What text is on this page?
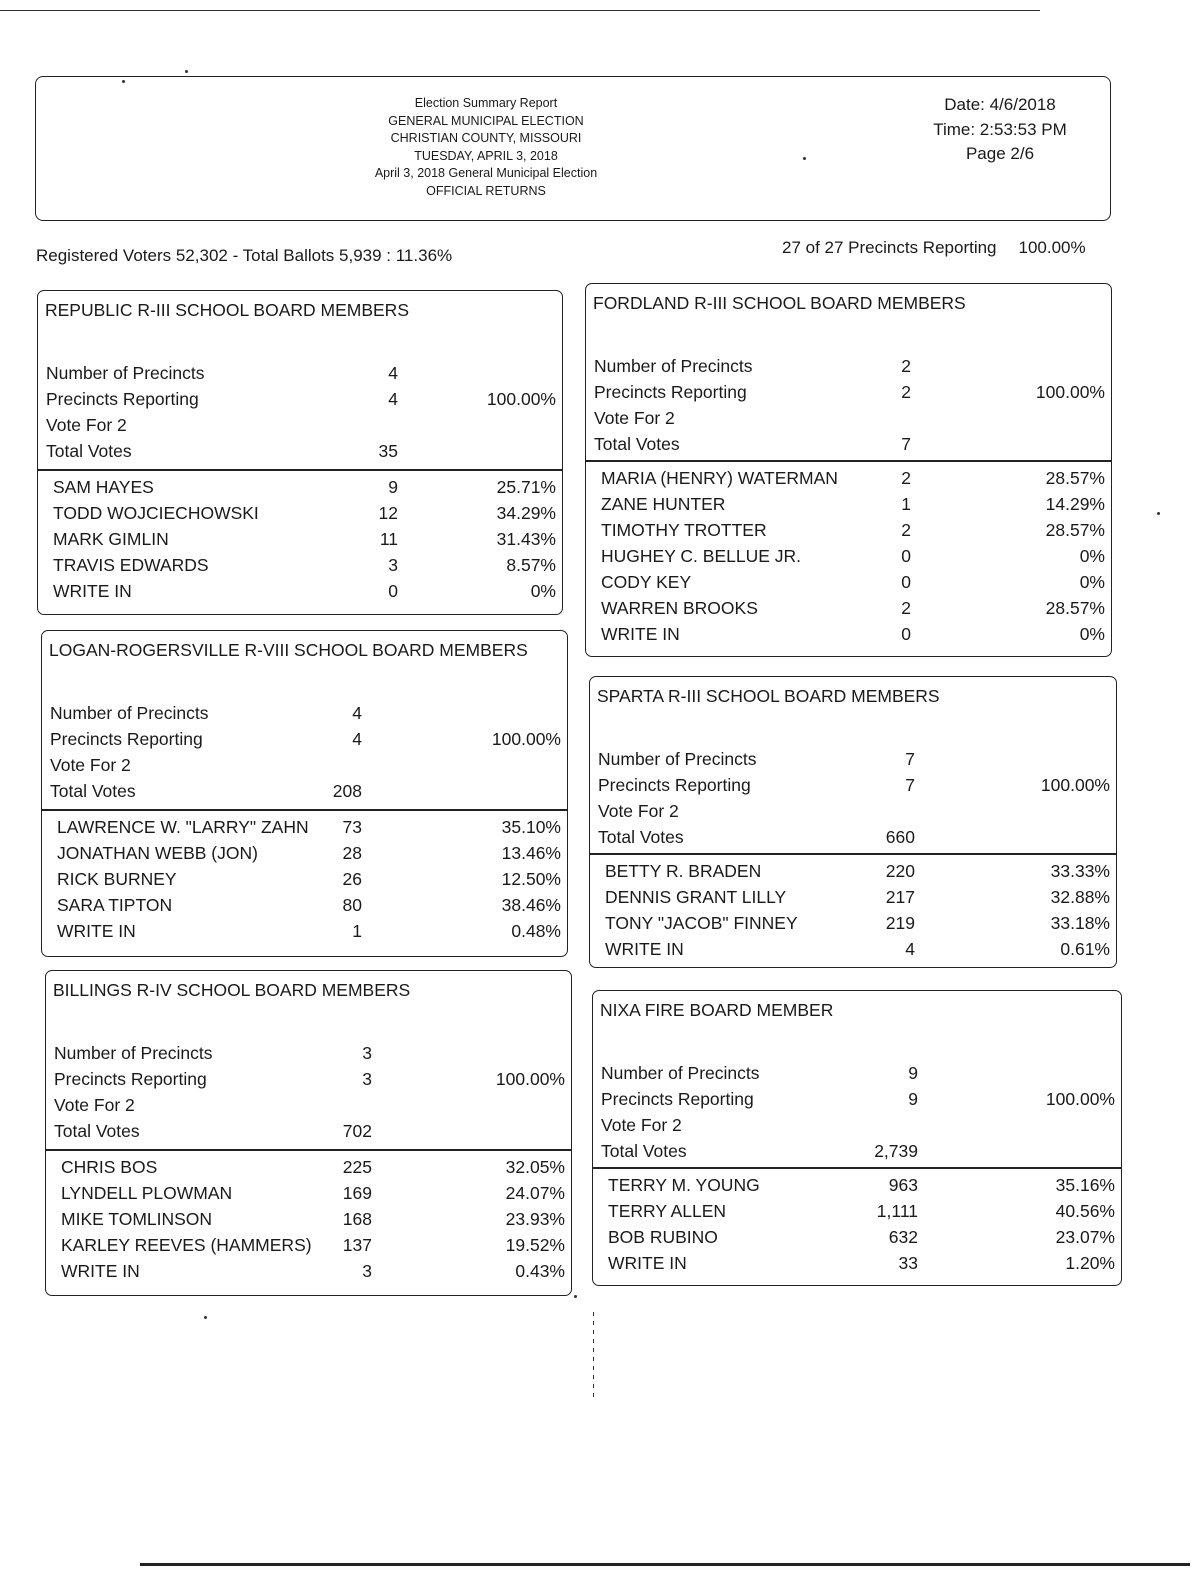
Election Summary Report
GENERAL MUNICIPAL ELECTION
CHRISTIAN COUNTY, MISSOURI
TUESDAY, APRIL 3, 2018
April 3, 2018 General Municipal Election
OFFICIAL RETURNS
Date: 4/6/2018
Time: 2:53:53 PM
Page 2/6
Registered Voters 52,302 - Total Ballots 5,939 : 11.36%	27 of 27 Precincts Reporting 100.00%
REPUBLIC R-III SCHOOL BOARD MEMBERS
Number of Precincts	4
Precincts Reporting	4	100.00%
Vote For 2
Total Votes	35
SAM HAYES	9	25.71%
TODD WOJCIECHOWSKI	12	34.29%
MARK GIMLIN	11	31.43%
TRAVIS EDWARDS	3	8.57%
WRITE IN	0	0%
LOGAN-ROGERSVILLE R-VIII SCHOOL BOARD MEMBERS
Number of Precincts	4
Precincts Reporting	4	100.00%
Vote For 2
Total Votes	208
LAWRENCE W. "LARRY" ZAHN	73	35.10%
JONATHAN WEBB (JON)	28	13.46%
RICK BURNEY	26	12.50%
SARA TIPTON	80	38.46%
WRITE IN	1	0.48%
BILLINGS R-IV SCHOOL BOARD MEMBERS
Number of Precincts	3
Precincts Reporting	3	100.00%
Vote For 2
Total Votes	702
CHRIS BOS	225	32.05%
LYNDELL PLOWMAN	169	24.07%
MIKE TOMLINSON	168	23.93%
KARLEY REEVES (HAMMERS)	137	19.52%
WRITE IN	3	0.43%
FORDLAND R-III SCHOOL BOARD MEMBERS
Number of Precincts	2
Precincts Reporting	2	100.00%
Vote For 2
Total Votes	7
MARIA (HENRY) WATERMAN	2	28.57%
ZANE HUNTER	1	14.29%
TIMOTHY TROTTER	2	28.57%
HUGHEY C. BELLUE JR.	0	0%
CODY KEY	0	0%
WARREN BROOKS	2	28.57%
WRITE IN	0	0%
SPARTA R-III SCHOOL BOARD MEMBERS
Number of Precincts	7
Precincts Reporting	7	100.00%
Vote For 2
Total Votes	660
BETTY R. BRADEN	220	33.33%
DENNIS GRANT LILLY	217	32.88%
TONY "JACOB" FINNEY	219	33.18%
WRITE IN	4	0.61%
NIXA FIRE BOARD MEMBER
Number of Precincts	9
Precincts Reporting	9	100.00%
Vote For 2
Total Votes	2,739
TERRY M. YOUNG	963	35.16%
TERRY ALLEN	1,111	40.56%
BOB RUBINO	632	23.07%
WRITE IN	33	1.20%
